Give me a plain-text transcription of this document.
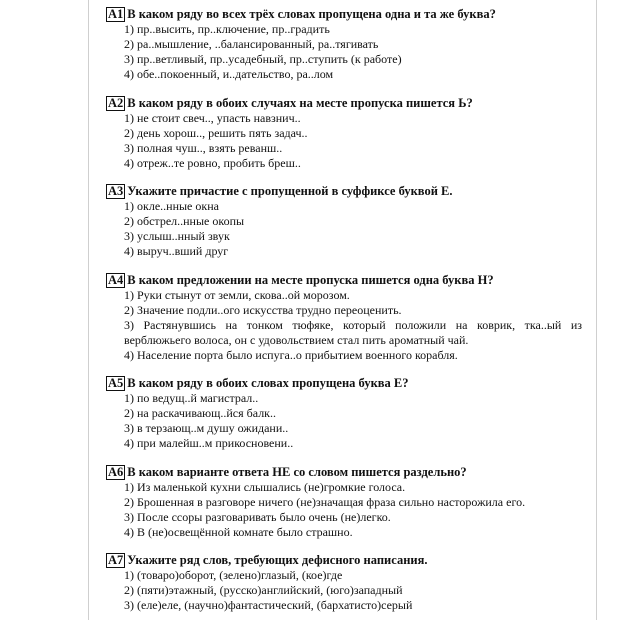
А1 В каком ряду во всех трёх словах пропущена одна и та же буква?
1) пр..высить, пр..ключение, пр..градить
2) ра..мышление, ..балансированный, ра..тягивать
3) пр..ветливый, пр..усадебный, пр..ступить (к работе)
4) обе..покоенный, и..дательство, ра..лом
А2 В каком ряду в обоих случаях на месте пропуска пишется Ь?
1) не стоит свеч.., упасть навзнич..
2) день хорош.., решить пять задач..
3) полная чуш.., взять реванш..
4) отреж..те ровно, пробить бреш..
А3 Укажите причастие с пропущенной в суффиксе буквой Е.
1) окле..нные окна
2) обстрел..нные окопы
3) услыш..нный звук
4) выруч..вший друг
А4 В каком предложении на месте пропуска пишется одна буква Н?
1) Руки стынут от земли, скова..ой морозом.
2) Значение подли..ого искусства трудно переоценить.
3) Растянувшись на тонком тюфяке, который положили на коврик, тка..ый из верблюжьего волоса, он с удовольствием стал пить ароматный чай.
4) Население порта было испуга..о прибытием военного корабля.
А5 В каком ряду в обоих словах пропущена буква Е?
1) по ведущ..й магистрал..
2) на раскачивающ..йся балк..
3) в терзающ..м душу ожидани..
4) при малейш..м прикосновени..
А6 В каком варианте ответа НЕ со словом пишется раздельно?
1) Из маленькой кухни слышались (не)громкие голоса.
2) Брошенная в разговоре ничего (не)значащая фраза сильно насторожила его.
3) После ссоры разговаривать было очень (не)легко.
4) В (не)освещённой комнате было страшно.
А7 Укажите ряд слов, требующих дефисного написания.
1) (товаро)оборот, (зелено)глазый, (кое)где
2) (пяти)этажный, (русско)английский, (юго)западный
3) (еле)еле, (научно)фантастический, (бархатисто)серый
